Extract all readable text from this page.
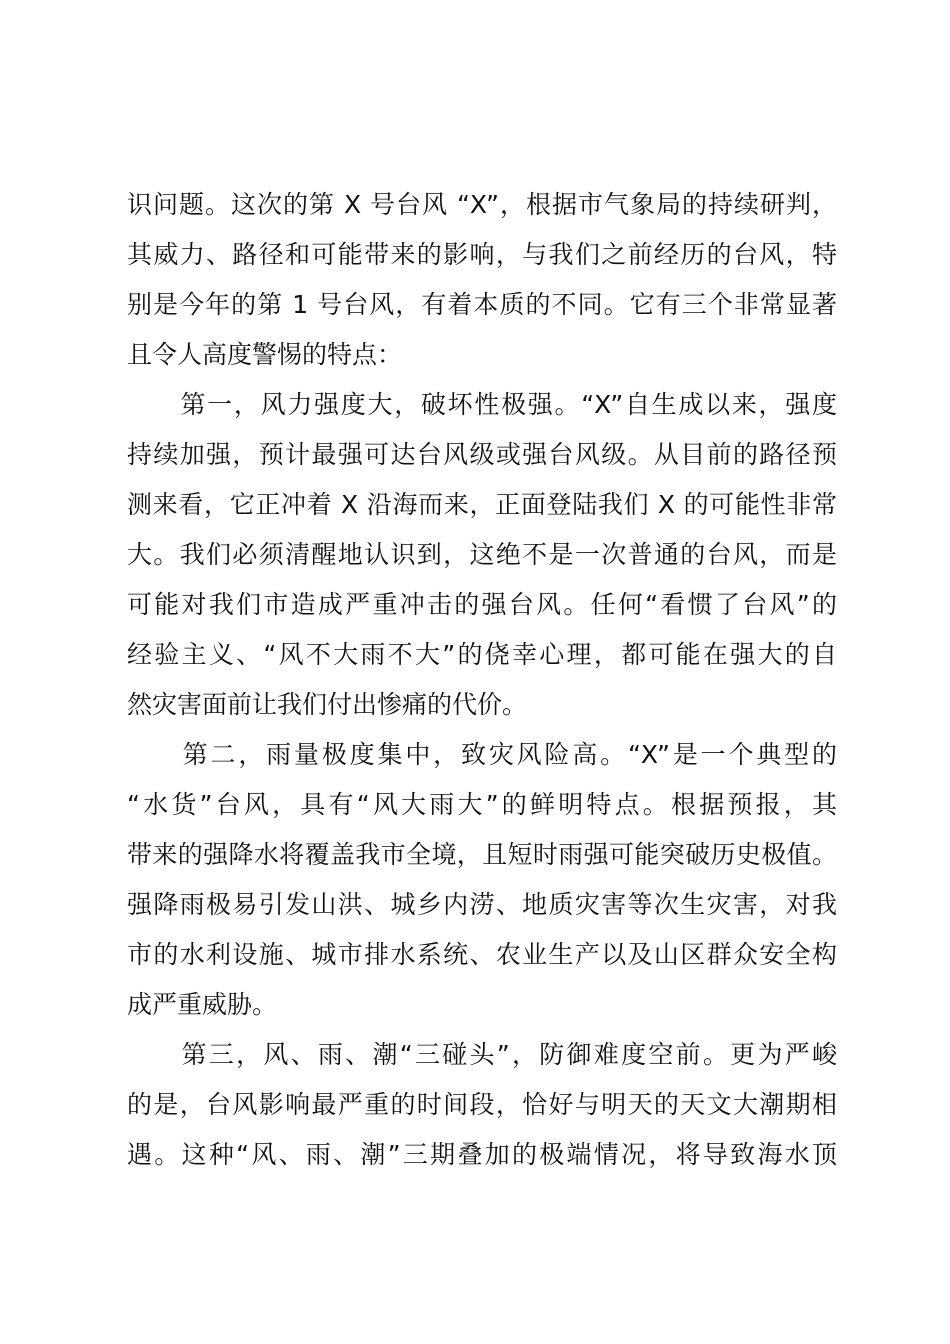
识问题。这次的第 X 号台风 “X”，根据市气象局的持续研判，
其威力、路径和可能带来的影响，与我们之前经历的台风，特
别是今年的第 1 号台风，有着本质的不同。它有三个非常显著
且令人高度警惕的特点：
　　第一，风力强度大，破坏性极强。“X”自生成以来，强度
持续加强，预计最强可达台风级或强台风级。从目前的路径预
测来看，它正冲着 X 沿海而来，正面登陆我们 X 的可能性非常
大。我们必须清醒地认识到，这绝不是一次普通的台风，而是
可能对我们市造成严重冲击的强台风。任何“看惯了台风”的
经验主义、“风不大雨不大”的侥幸心理，都可能在强大的自
然灾害面前让我们付出惨痛的代价。
　　第二，雨量极度集中，致灾风险高。“X”是一个典型的
“水货”台风，具有“风大雨大”的鲜明特点。根据预报，其
带来的强降水将覆盖我市全境，且短时雨强可能突破历史极值。
强降雨极易引发山洪、城乡内涝、地质灾害等次生灾害，对我
市的水利设施、城市排水系统、农业生产以及山区群众安全构
成严重威胁。
　　第三，风、雨、潮“三碰头”，防御难度空前。更为严峻
的是，台风影响最严重的时间段，恰好与明天的天文大潮期相
遇。这种“风、雨、潮”三期叠加的极端情况，将导致海水顶
